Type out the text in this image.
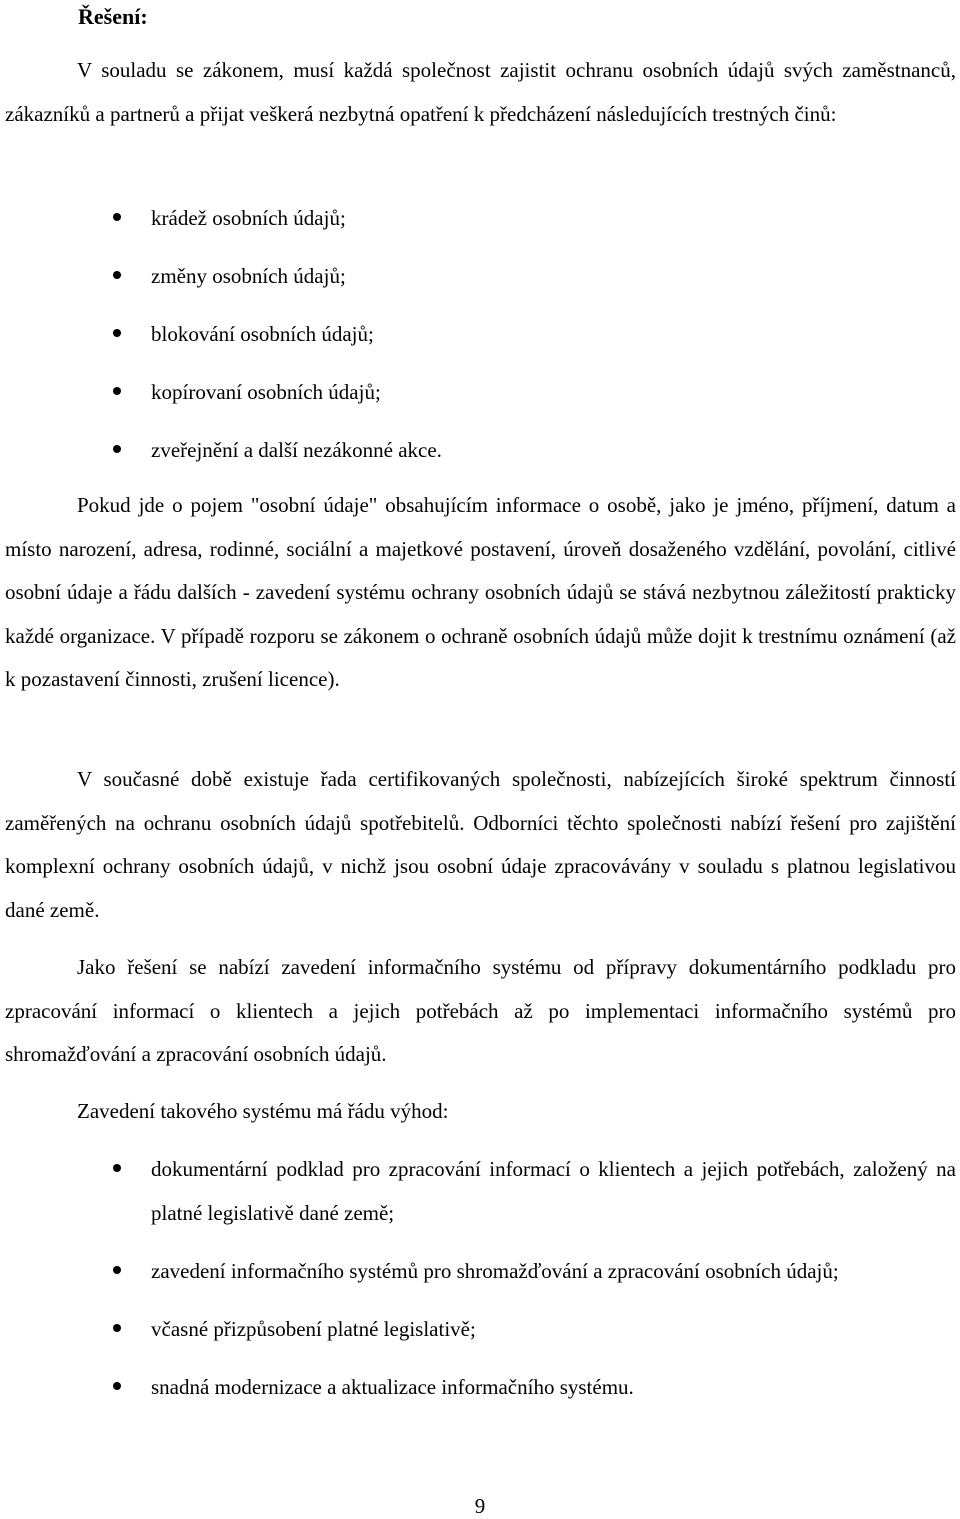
Řešení:

V souladu se zákonem, musí každá společnost zajistit ochranu osobních údajů svých zaměstnanců, zákazníků a partnerů a přijat veškerá nezbytná opatření k předcházení následujících trestných činů:

krádež osobních údajů;
změny osobních údajů;
blokování osobních údajů;
kopírovaní osobních údajů;
zveřejnění a další nezákonné akce.

Pokud jde o pojem "osobní údaje" obsahujícím informace o osobě, jako je jméno, příjmení, datum a místo narození, adresa, rodinné, sociální a majetkové postavení, úroveň dosaženého vzdělání, povolání, citlivé osobní údaje a řádu dalších - zavedení systému ochrany osobních údajů se stává nezbytnou záležitostí prakticky každé organizace. V případě rozporu se zákonem o ochraně osobních údajů může dojit k trestnímu oznámení (až k pozastavení činnosti, zrušení licence).

V současné době existuje řada certifikovaných společnosti, nabízejících široké spektrum činností zaměřených na ochranu osobních údajů spotřebitelů. Odborníci těchto společnosti nabízí řešení pro zajištění komplexní ochrany osobních údajů, v nichž jsou osobní údaje zpracovávány v souladu s platnou legislativou dané země.

Jako řešení se nabízí zavedení informačního systému od přípravy dokumentárního podkladu pro zpracování informací o klientech a jejich potřebách až po implementaci informačního systémů pro shromažďování a zpracování osobních údajů.

Zavedení takového systému má řádu výhod:

dokumentární podklad pro zpracování informací o klientech a jejich potřebách, založený na platné legislativě dané země;
zavedení informačního systémů pro shromažďování a zpracování osobních údajů;
včasné přizpůsobení platné legislativě;
snadná modernizace a aktualizace informačního systému.

9
